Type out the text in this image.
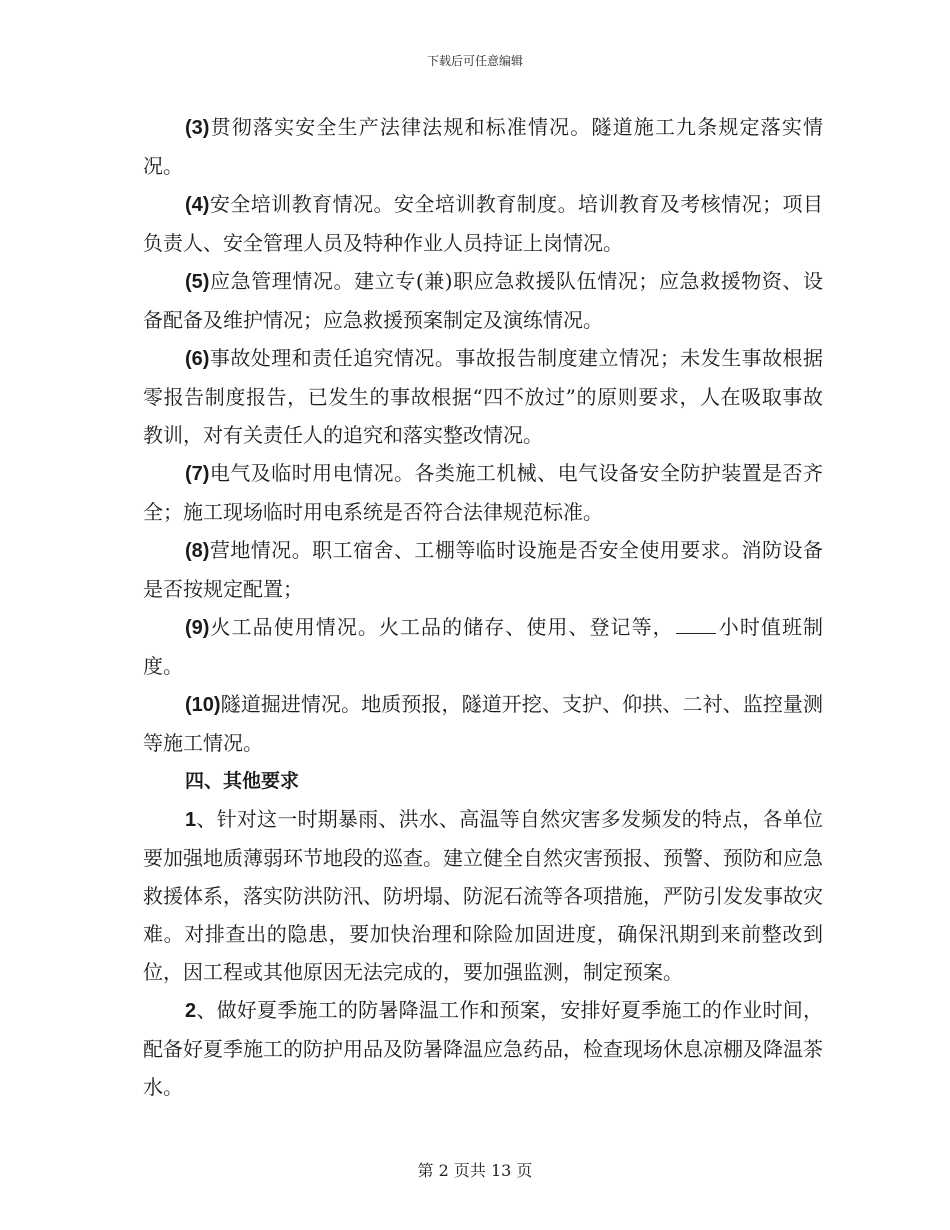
下载后可任意编辑

(3)贯彻落实安全生产法律法规和标准情况。隧道施工九条规定落实情况。

(4)安全培训教育情况。安全培训教育制度。培训教育及考核情况；项目负责人、安全管理人员及特种作业人员持证上岗情况。

(5)应急管理情况。建立专(兼)职应急救援队伍情况；应急救援物资、设备配备及维护情况；应急救援预案制定及演练情况。

(6)事故处理和责任追究情况。事故报告制度建立情况；未发生事故根据零报告制度报告，已发生的事故根据“四不放过”的原则要求，人在吸取事故教训，对有关责任人的追究和落实整改情况。

(7)电气及临时用电情况。各类施工机械、电气设备安全防护装置是否齐全；施工现场临时用电系统是否符合法律规范标准。

(8)营地情况。职工宿舍、工棚等临时设施是否安全使用要求。消防设备是否按规定配置；

(9)火工品使用情况。火工品的储存、使用、登记等， 小时值班制度。

(10)隧道掘进情况。地质预报，隧道开挖、支护、仰拱、二衬、监控量测等施工情况。

四、其他要求

1、针对这一时期暴雨、洪水、高温等自然灾害多发频发的特点，各单位要加强地质薄弱环节地段的巡查。建立健全自然灾害预报、预警、预防和应急救援体系，落实防洪防汛、防坍塌、防泥石流等各项措施，严防引发发事故灾难。对排查出的隐患，要加快治理和除险加固进度，确保汛期到来前整改到位，因工程或其他原因无法完成的，要加强监测，制定预案。

2、做好夏季施工的防暑降温工作和预案，安排好夏季施工的作业时间，配备好夏季施工的防护用品及防暑降温应急药品，检查现场休息凉棚及降温茶水。

第 2 页共 13 页
